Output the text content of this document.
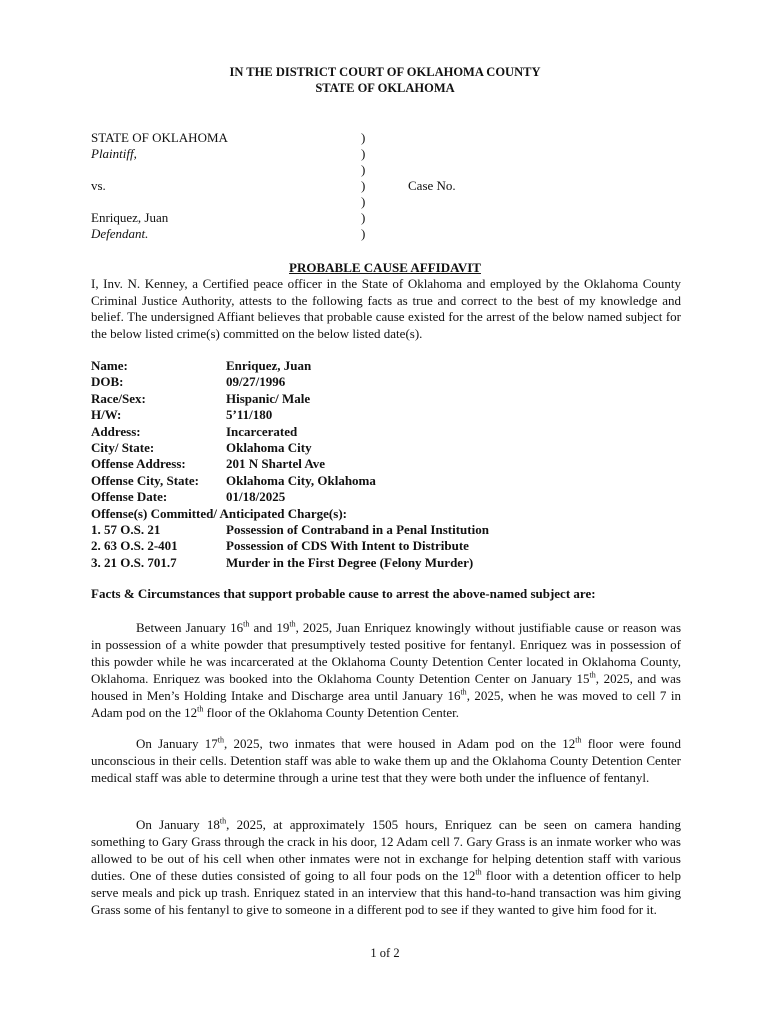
IN THE DISTRICT COURT OF OKLAHOMA COUNTY
STATE OF OKLAHOMA
STATE OF OKLAHOMA	)
Plaintiff,	)
)
vs.	)	Case No.
)
Enriquez, Juan	)
Defendant.	)
PROBABLE CAUSE AFFIDAVIT
I, Inv. N. Kenney, a Certified peace officer in the State of Oklahoma and employed by the Oklahoma County Criminal Justice Authority, attests to the following facts as true and correct to the best of my knowledge and belief. The undersigned Affiant believes that probable cause existed for the arrest of the below named subject for the below listed crime(s) committed on the below listed date(s).
Name:	Enriquez, Juan
DOB:	09/27/1996
Race/Sex:	Hispanic/ Male
H/W:	5’11/180
Address:	Incarcerated
City/ State:	Oklahoma City
Offense Address:	201 N Shartel Ave
Offense City, State: Oklahoma City, Oklahoma
Offense Date:	01/18/2025
Offense(s) Committed/ Anticipated Charge(s):
1. 57 O.S. 21	Possession of Contraband in a Penal Institution
2. 63 O.S. 2-401	Possession of CDS With Intent to Distribute
3. 21 O.S. 701.7	Murder in the First Degree (Felony Murder)
Facts & Circumstances that support probable cause to arrest the above-named subject are:
Between January 16th and 19th, 2025, Juan Enriquez knowingly without justifiable cause or reason was in possession of a white powder that presumptively tested positive for fentanyl. Enriquez was in possession of this powder while he was incarcerated at the Oklahoma County Detention Center located in Oklahoma County, Oklahoma. Enriquez was booked into the Oklahoma County Detention Center on January 15th, 2025, and was housed in Men’s Holding Intake and Discharge area until January 16th, 2025, when he was moved to cell 7 in Adam pod on the 12th floor of the Oklahoma County Detention Center.
On January 17th, 2025, two inmates that were housed in Adam pod on the 12th floor were found unconscious in their cells. Detention staff was able to wake them up and the Oklahoma County Detention Center medical staff was able to determine through a urine test that they were both under the influence of fentanyl.
On January 18th, 2025, at approximately 1505 hours, Enriquez can be seen on camera handing something to Gary Grass through the crack in his door, 12 Adam cell 7. Gary Grass is an inmate worker who was allowed to be out of his cell when other inmates were not in exchange for helping detention staff with various duties. One of these duties consisted of going to all four pods on the 12th floor with a detention officer to help serve meals and pick up trash. Enriquez stated in an interview that this hand-to-hand transaction was him giving Grass some of his fentanyl to give to someone in a different pod to see if they wanted to give him food for it.
1 of 2
